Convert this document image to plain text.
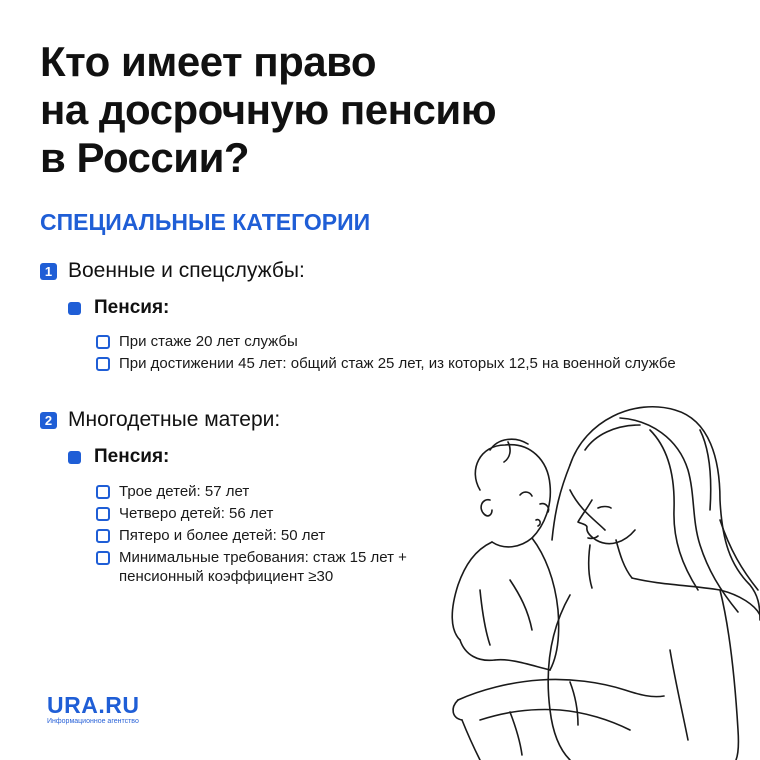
Кто имеет право
на досрочную пенсию
в России?
СПЕЦИАЛЬНЫЕ КАТЕГОРИИ
1 Военные и спецслужбы:
Пенсия:
При стаже 20 лет службы
При достижении 45 лет: общий стаж 25 лет, из которых 12,5 на военной службе
2 Многодетные матери:
Пенсия:
Трое детей: 57 лет
Четверо детей: 56 лет
Пятеро и более детей: 50 лет
Минимальные требования: стаж 15 лет + пенсионный коэффициент ≥30
URA.RU
Информационное агентство
